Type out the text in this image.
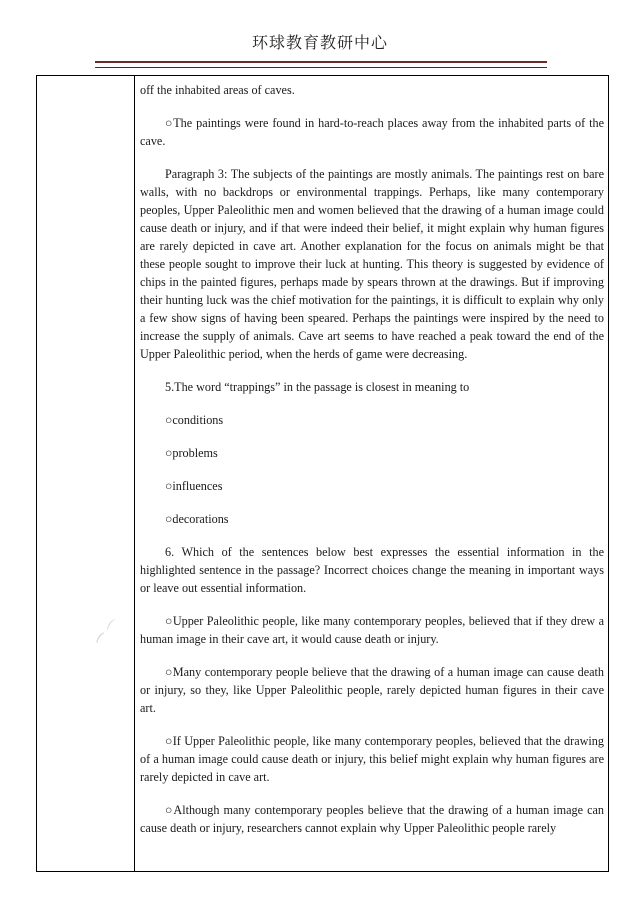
环球教育教研中心

off the inhabited areas of caves.

○The paintings were found in hard-to-reach places away from the inhabited parts of the cave.

Paragraph 3: The subjects of the paintings are mostly animals. The paintings rest on bare walls, with no backdrops or environmental trappings. Perhaps, like many contemporary peoples, Upper Paleolithic men and women believed that the drawing of a human image could cause death or injury, and if that were indeed their belief, it might explain why human figures are rarely depicted in cave art. Another explanation for the focus on animals might be that these people sought to improve their luck at hunting. This theory is suggested by evidence of chips in the painted figures, perhaps made by spears thrown at the drawings. But if improving their hunting luck was the chief motivation for the paintings, it is difficult to explain why only a few show signs of having been speared. Perhaps the paintings were inspired by the need to increase the supply of animals. Cave art seems to have reached a peak toward the end of the Upper Paleolithic period, when the herds of game were decreasing.

5.The word “trappings” in the passage is closest in meaning to

○conditions

○problems

○influences

○decorations

6. Which of the sentences below best expresses the essential information in the highlighted sentence in the passage? Incorrect choices change the meaning in important ways or leave out essential information.

○Upper Paleolithic people, like many contemporary peoples, believed that if they drew a human image in their cave art, it would cause death or injury.

○Many contemporary people believe that the drawing of a human image can cause death or injury, so they, like Upper Paleolithic people, rarely depicted human figures in their cave art.

○If Upper Paleolithic people, like many contemporary peoples, believed that the drawing of a human image could cause death or injury, this belief might explain why human figures are rarely depicted in cave art.

○Although many contemporary peoples believe that the drawing of a human image can cause death or injury, researchers cannot explain why Upper Paleolithic people rarely

⁀ ⌒
